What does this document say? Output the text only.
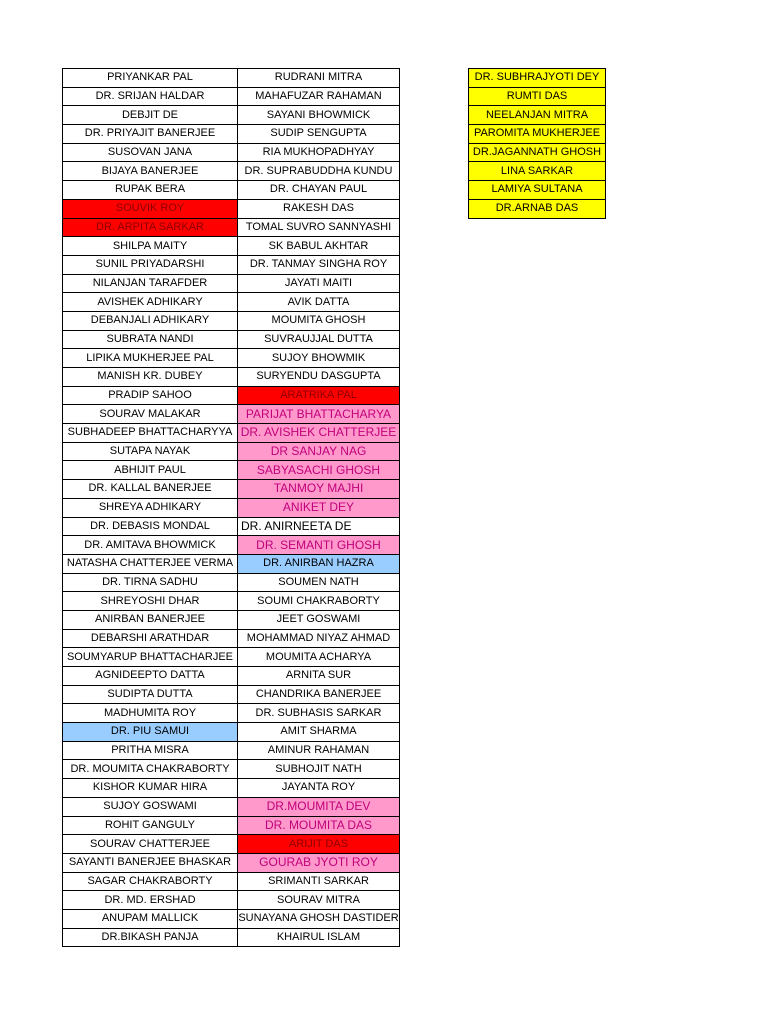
PRIYANKAR PAL	RUDRANI MITRA
DR. SRIJAN HALDAR	MAHAFUZAR RAHAMAN
DEBJIT DE	SAYANI BHOWMICK
DR. PRIYAJIT BANERJEE	SUDIP SENGUPTA
SUSOVAN JANA	RIA MUKHOPADHYAY
BIJAYA BANERJEE	DR. SUPRABUDDHA KUNDU
RUPAK BERA	DR. CHAYAN PAUL
SOUVIK ROY	RAKESH DAS
DR. ARPITA SARKAR	TOMAL SUVRO SANNYASHI
SHILPA MAITY	SK BABUL AKHTAR
SUNIL PRIYADARSHI	DR. TANMAY SINGHA ROY
NILANJAN TARAFDER	JAYATI MAITI
AVISHEK ADHIKARY	AVIK DATTA
DEBANJALI ADHIKARY	MOUMITA GHOSH
SUBRATA NANDI	SUVRAUJJAL DUTTA
LIPIKA MUKHERJEE PAL	SUJOY BHOWMIK
MANISH KR. DUBEY	SURYENDU DASGUPTA
PRADIP SAHOO	ARATRIKA PAL
SOURAV MALAKAR	PARIJAT BHATTACHARYA
SUBHADEEP BHATTACHARYYA	DR. AVISHEK CHATTERJEE
SUTAPA NAYAK	DR SANJAY NAG
ABHIJIT PAUL	SABYASACHI GHOSH
DR. KALLAL BANERJEE	TANMOY MAJHI
SHREYA ADHIKARY	ANIKET DEY
DR. DEBASIS MONDAL	DR. ANIRNEETA DE
DR. AMITAVA BHOWMICK	DR. SEMANTI GHOSH
NATASHA CHATTERJEE VERMA	DR. ANIRBAN HAZRA
DR. TIRNA SADHU	SOUMEN NATH
SHREYOSHI DHAR	SOUMI CHAKRABORTY
ANIRBAN BANERJEE	JEET GOSWAMI
DEBARSHI ARATHDAR	MOHAMMAD NIYAZ AHMAD
SOUMYARUP BHATTACHARJEE	MOUMITA ACHARYA
AGNIDEEPTO DATTA	ARNITA SUR
SUDIPTA DUTTA	CHANDRIKA BANERJEE
MADHUMITA ROY	DR. SUBHASIS SARKAR
DR. PIU SAMUI	AMIT SHARMA
PRITHA MISRA	AMINUR RAHAMAN
DR. MOUMITA CHAKRABORTY	SUBHOJIT NATH
KISHOR KUMAR HIRA	JAYANTA ROY
SUJOY GOSWAMI	DR.MOUMITA DEV
ROHIT GANGULY	DR. MOUMITA DAS
SOURAV CHATTERJEE	ARIJIT DAS
SAYANTI BANERJEE BHASKAR	GOURAB JYOTI ROY
SAGAR CHAKRABORTY	SRIMANTI SARKAR
DR. MD. ERSHAD	SOURAV MITRA
ANUPAM MALLICK	SUNAYANA GHOSH DASTIDER
DR.BIKASH PANJA	KHAIRUL ISLAM
DR. SUBHRAJYOTI DEY
RUMTI DAS
NEELANJAN MITRA
PAROMITA MUKHERJEE
DR.JAGANNATH GHOSH
LINA SARKAR
LAMIYA SULTANA
DR.ARNAB DAS
